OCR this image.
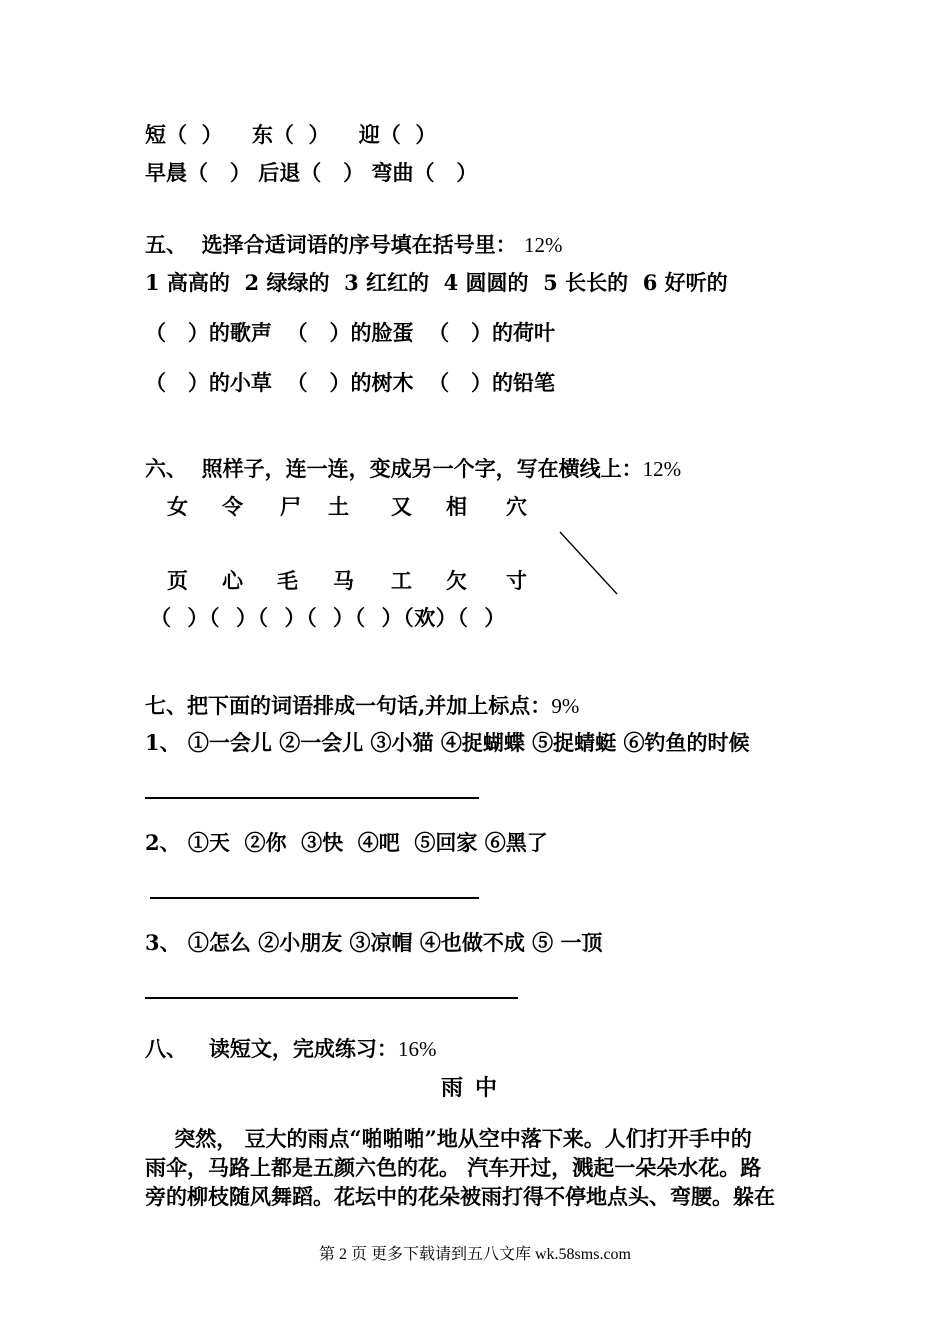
短（  ）    东（  ）    迎（  ）
早晨（   ） 后退（   ） 弯曲（   ）
五、  选择合适词语的序号填在括号里： 12%
1 高高的  2 绿绿的  3 红红的  4 圆圆的  5 长长的  6 好听的
（   ）的歌声  （   ）的脸蛋  （   ）的荷叶
（   ）的小草  （   ）的树木  （   ）的铅笔
六、  照样子，连一连，变成另一个字，写在横线上：12%
女 令 尸 土 又 相 穴
页 心 毛 马 工 欠 寸
（  ）（  ）（  ）（  ）（  ）（欢）（  ）
七、把下面的词语排成一句话,并加上标点：9%
1、 ①一会儿 ②一会儿 ③小猫 ④捉蝴蝶 ⑤捉蜻蜓 ⑥钓鱼的时候
2、 ①天  ②你  ③快  ④吧  ⑤回家 ⑥黑了
3、 ①怎么 ②小朋友 ③凉帽 ④也做不成 ⑤ 一顶
八、   读短文，完成练习：16%
雨中
突然， 豆大的雨点“啪啪啪”地从空中落下来。人们打开手中的
雨伞，马路上都是五颜六色的花。 汽车开过，溅起一朵朵水花。路
旁的柳枝随风舞蹈。花坛中的花朵被雨打得不停地点头、弯腰。躲在
第 2 页 更多下载请到五八文库 wk.58sms.com
